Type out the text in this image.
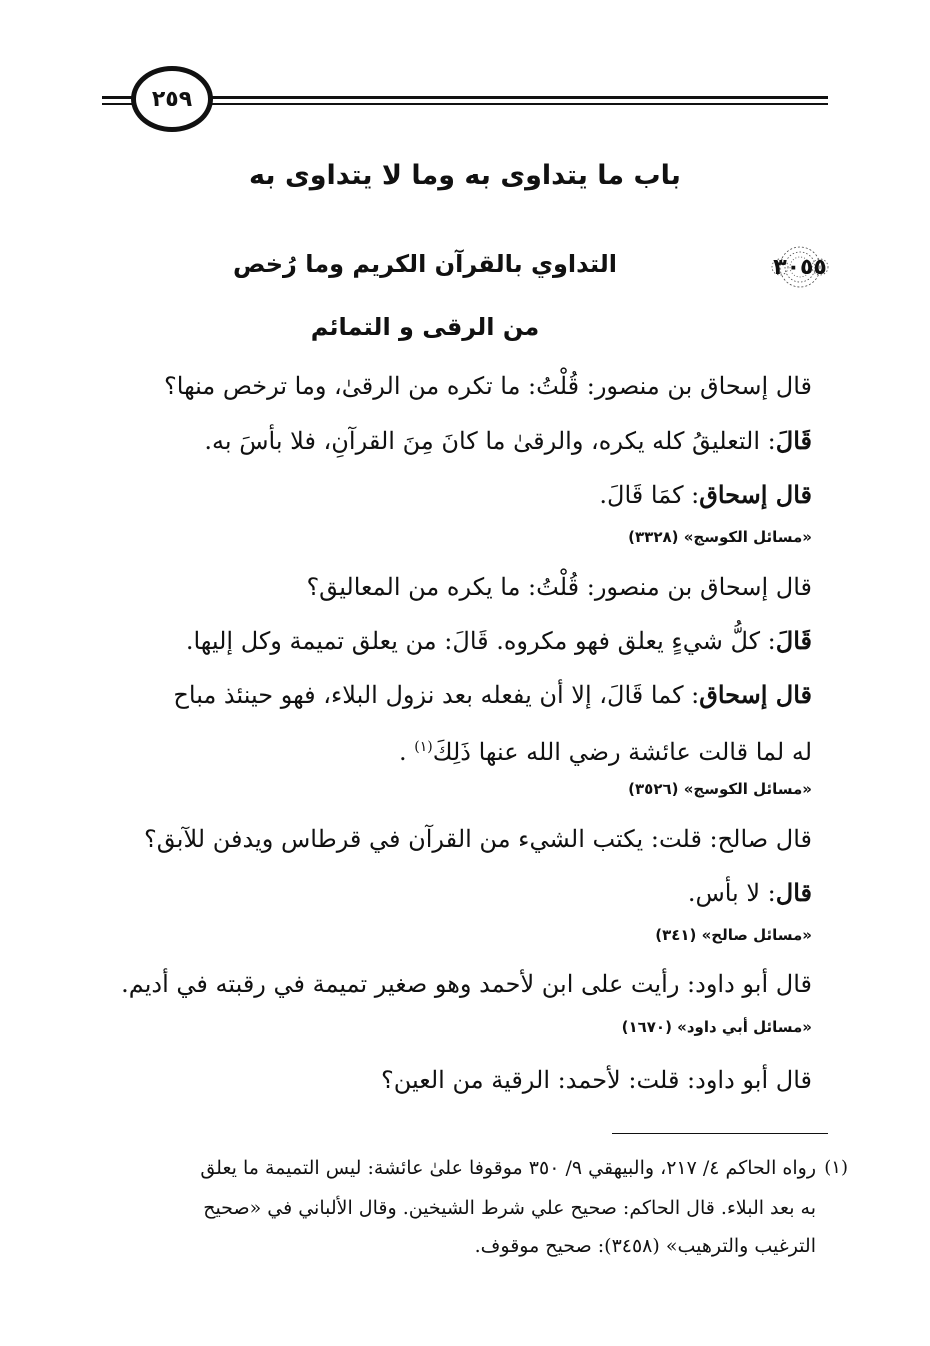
٢٥٩
باب ما يتداوى به وما لا يتداوى به
٣٠٥٥
التداوي بالقرآن الكريم وما رُخص
من الرقى و التمائم
قال إسحاق بن منصور: قُلْتُ: ما تكره من الرقىٰ، وما ترخص منها؟
قَالَ: التعليقُ كله يكره، والرقىٰ ما كانَ مِنَ القرآنِ، فلا بأسَ به.
قال إسحاق: كمَا قَالَ.
«مسائل الكوسج» (٣٣٢٨)
قال إسحاق بن منصور: قُلْتُ: ما يكره من المعاليق؟
قَالَ: كلُّ شيءٍ يعلق فهو مكروه. قَالَ: من يعلق تميمة وكل إليها.
قال إسحاق: كما قَالَ، إلا أن يفعله بعد نزول البلاء، فهو حينئذ مباح
له لما قالت عائشة رضي الله عنها ذَلِكَ$^{(١)}$ .
«مسائل الكوسج» (٣٥٢٦)
قال صالح: قلت: يكتب الشيء من القرآن في قرطاس ويدفن للآبق؟
قال: لا بأس.
«مسائل صالح» (٣٤١)
قال أبو داود: رأيت على ابن لأحمد وهو صغير تميمة في رقبته في أديم.
«مسائل أبي داود» (١٦٧٠)
قال أبو داود: قلت: لأحمد: الرقية من العين؟
(١)
رواه الحاكم ٤/ ٢١٧، والبيهقي ٩/ ٣٥٠ موقوفا علىٰ عائشة: ليس التميمة ما يعلق
به بعد البلاء. قال الحاكم: صحيح علي شرط الشيخين. وقال الألباني في «صحيح
الترغيب والترهيب» (٣٤٥٨): صحيح موقوف.
